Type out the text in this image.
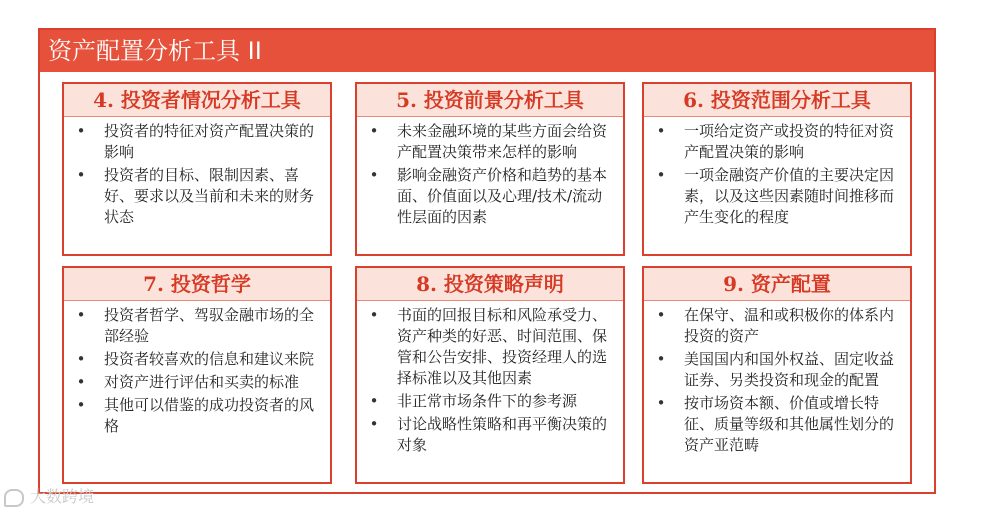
资产配置分析工具 II
4. 投资者情况分析工具
• 投资者的特征对资产配置决策的影响
• 投资者的目标、限制因素、喜好、要求以及当前和未来的财务状态
5. 投资前景分析工具
• 未来金融环境的某些方面会给资产配置决策带来怎样的影响
• 影响金融资产价格和趋势的基本面、价值面以及心理/技术/流动性层面的因素
6. 投资范围分析工具
• 一项给定资产或投资的特征对资产配置决策的影响
• 一项金融资产价值的主要决定因素，以及这些因素随时间推移而产生变化的程度
7. 投资哲学
• 投资者哲学、驾驭金融市场的全部经验
• 投资者较喜欢的信息和建议来院
• 对资产进行评估和买卖的标准
• 其他可以借鉴的成功投资者的风格
8. 投资策略声明
• 书面的回报目标和风险承受力、资产种类的好恶、时间范围、保管和公告安排、投资经理人的选择标准以及其他因素
• 非正常市场条件下的参考源
• 讨论战略性策略和再平衡决策的对象
9. 资产配置
• 在保守、温和或积极你的体系内投资的资产
• 美国国内和国外权益、固定收益证券、另类投资和现金的配置
• 按市场资本额、价值或增长特征、质量等级和其他属性划分的资产亚范畴
大数跨境
